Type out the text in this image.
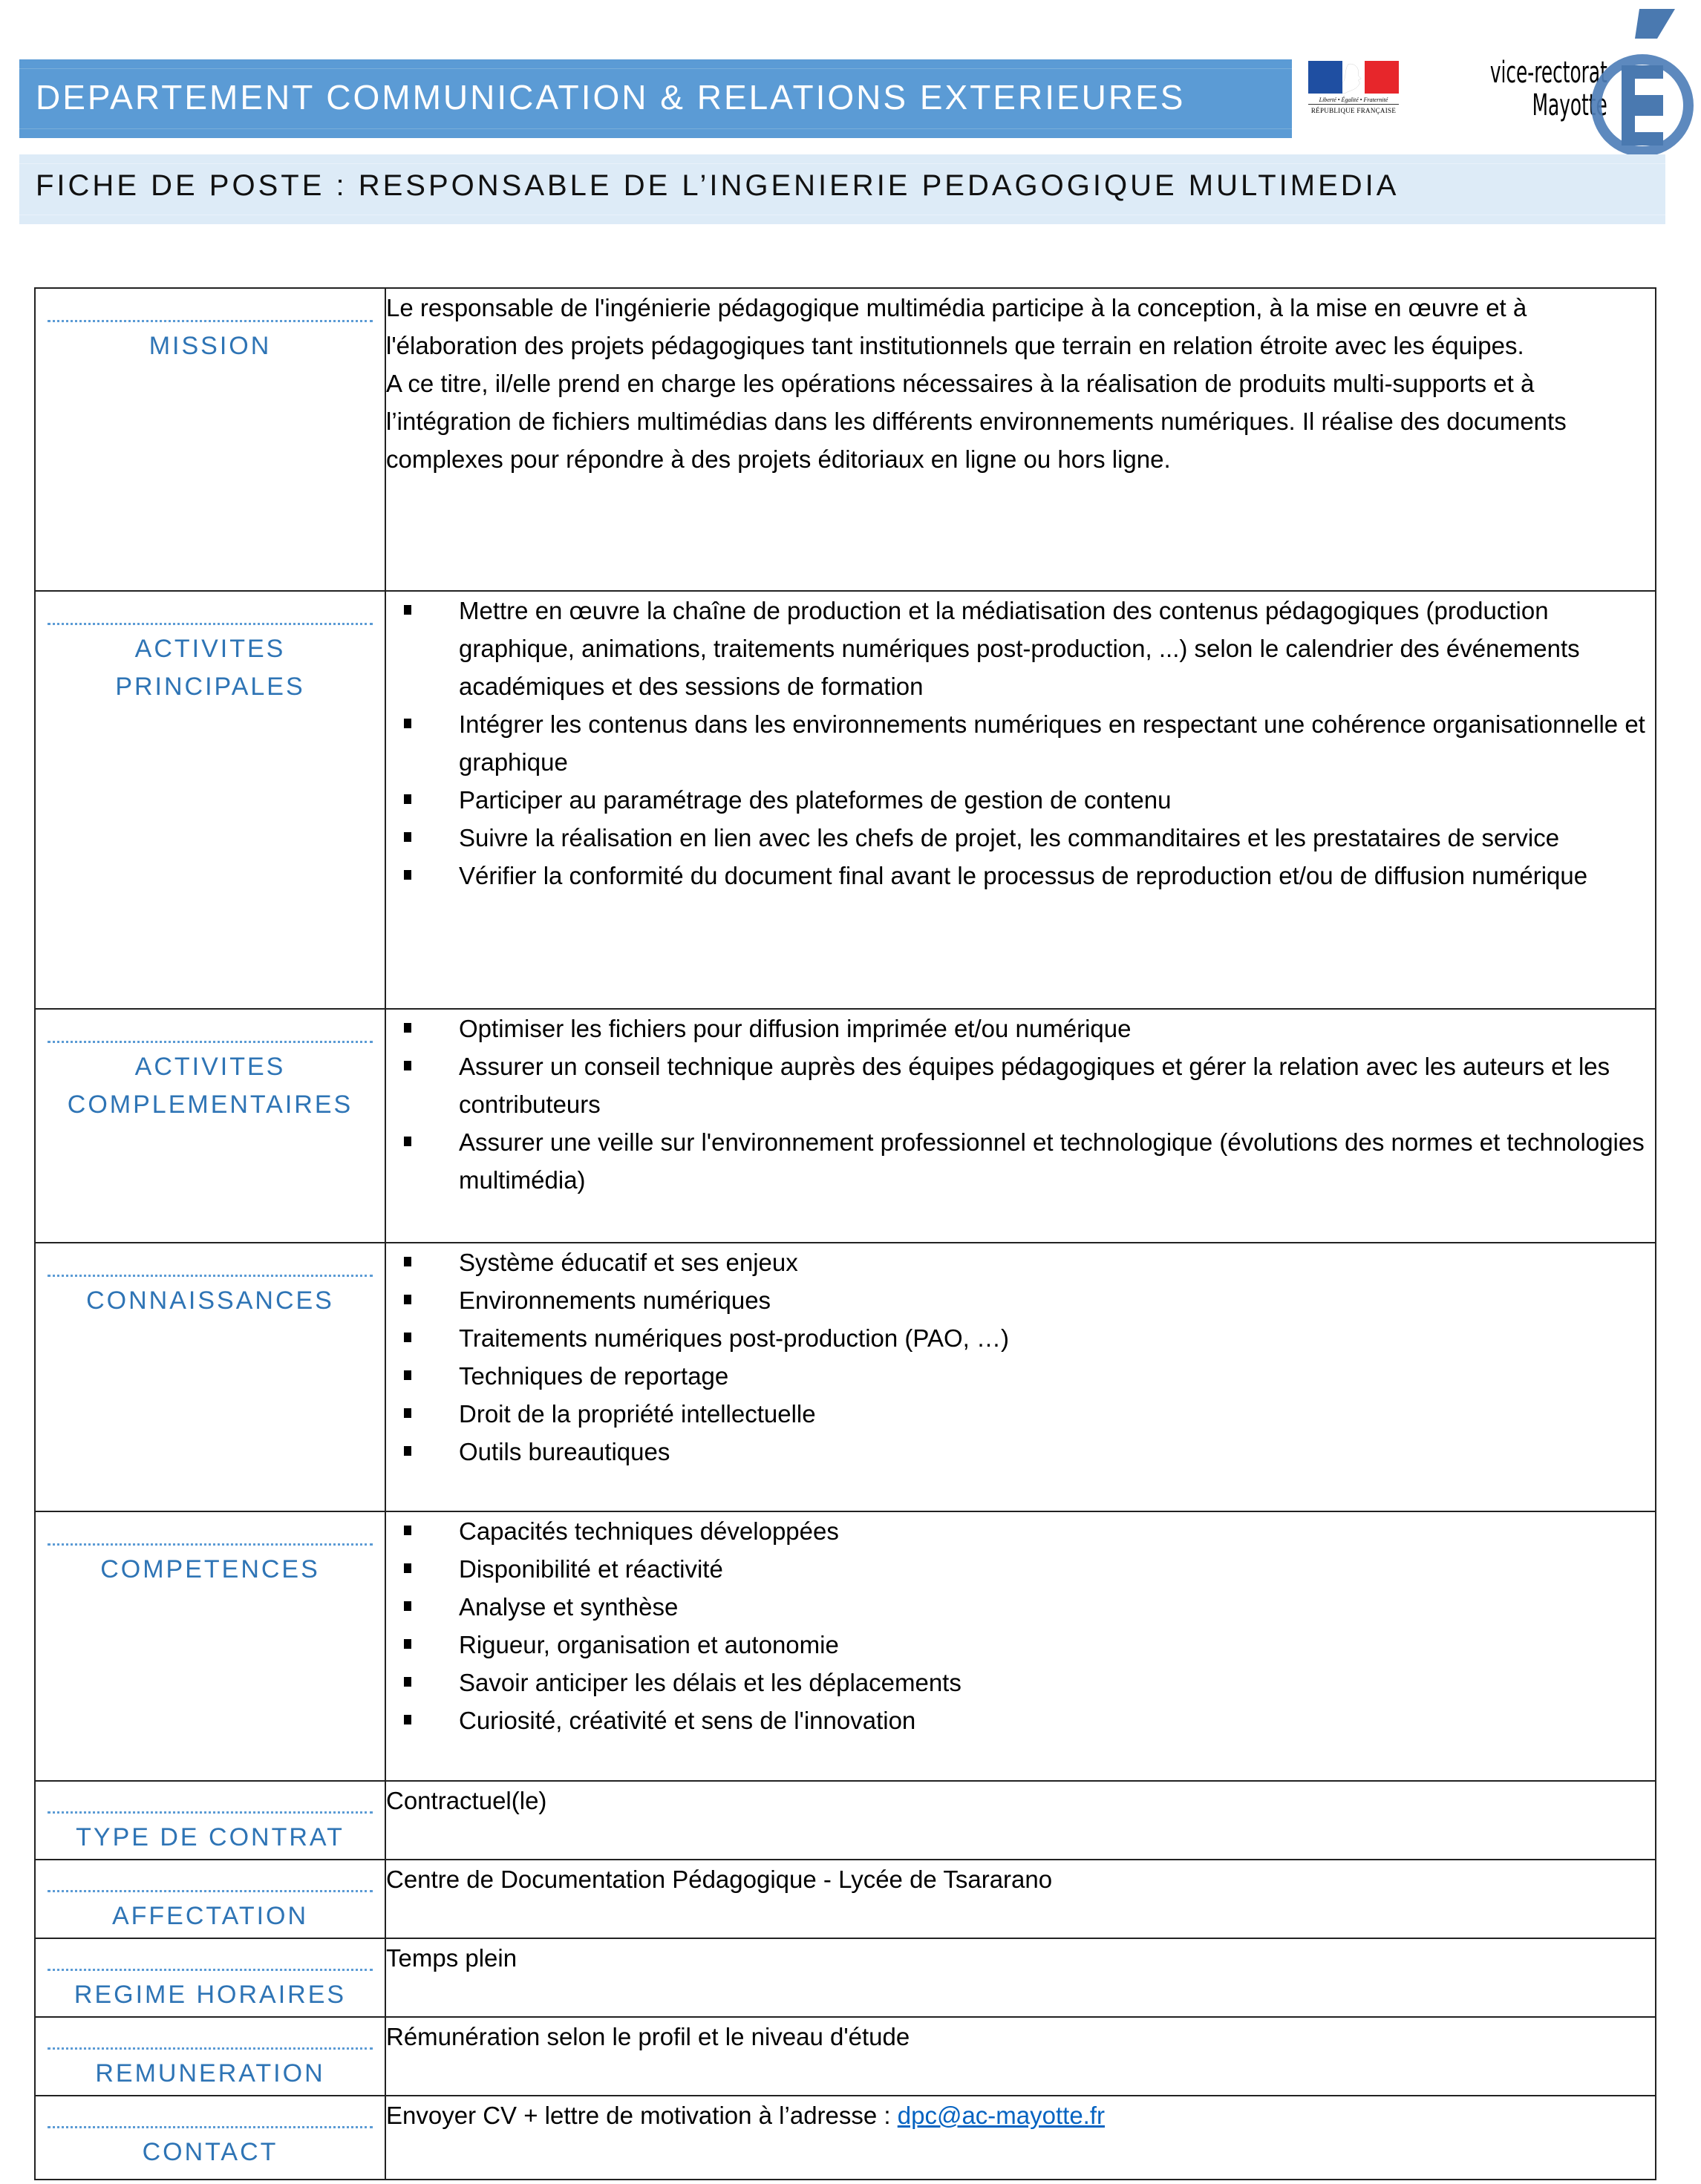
DEPARTEMENT COMMUNICATION & RELATIONS EXTERIEURES	Liberté • Égalité • Fraternité
RÉPUBLIQUE FRANÇAISE
vice-rectorat
Mayotte
FICHE DE POSTE : RESPONSABLE DE L’INGENIERIE PEDAGOGIQUE MULTIMEDIA
MISSION	Le responsable de l'ingénierie pédagogique multimédia participe à la conception, à la mise en œuvre et à l'élaboration des projets pédagogiques tant institutionnels que terrain en relation étroite avec les équipes.
A ce titre, il/elle prend en charge les opérations nécessaires à la réalisation de produits multi-supports et à l’intégration de fichiers multimédias dans les différents environnements numériques. Il réalise des documents complexes pour répondre à des projets éditoriaux en ligne ou hors ligne.

ACTIVITES
PRINCIPALES

Mettre en œuvre la chaîne de production et la médiatisation des contenus pédagogiques (production graphique, animations, traitements numériques post-production, ...) selon le calendrier des événements académiques et des sessions de formation
Intégrer les contenus dans les environnements numériques en respectant une cohérence organisationnelle et graphique
Participer au paramétrage des plateformes de gestion de contenu
Suivre la réalisation en lien avec les chefs de projet, les commanditaires et les prestataires de service
Vérifier la conformité du document final avant le processus de reproduction et/ou de diffusion numérique

ACTIVITES
COMPLEMENTAIRES

Optimiser les fichiers pour diffusion imprimée et/ou numérique
Assurer un conseil technique auprès des équipes pédagogiques et gérer la relation avec les auteurs et les contributeurs
Assurer une veille sur l'environnement professionnel et technologique (évolutions des normes et technologies multimédia)

CONNAISSANCES

Système éducatif et ses enjeux
Environnements numériques
Traitements numériques post-production (PAO, …)
Techniques de reportage
Droit de la propriété intellectuelle
Outils bureautiques

COMPETENCES

Capacités techniques développées
Disponibilité et réactivité
Analyse et synthèse
Rigueur, organisation et autonomie
Savoir anticiper les délais et les déplacements
Curiosité, créativité et sens de l'innovation

TYPE DE CONTRAT	Contractuel(le)

AFFECTATION	Centre de Documentation Pédagogique - Lycée de Tsararano

REGIME HORAIRES	Temps plein

REMUNERATION	Rémunération selon le profil et le niveau d'étude

CONTACT	Envoyer CV + lettre de motivation à l’adresse : dpc@ac-mayotte.fr
